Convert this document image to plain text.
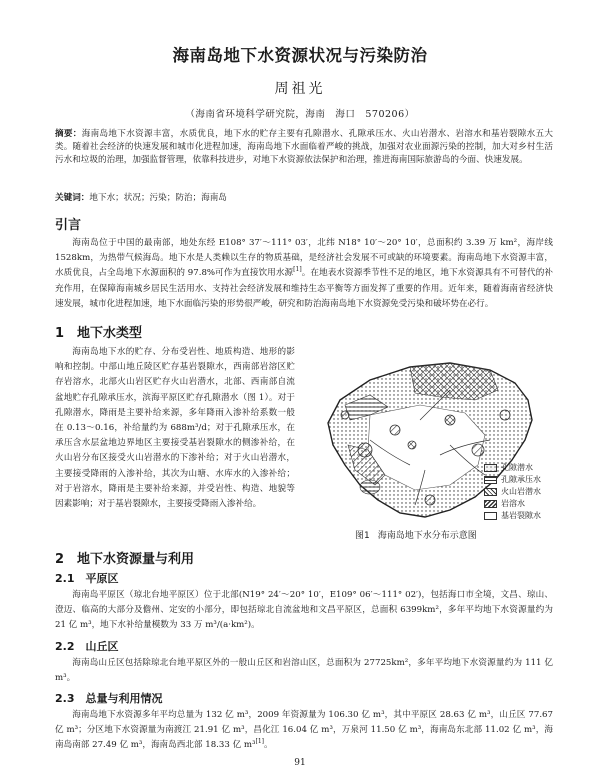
海南岛地下水资源状况与污染防治
周祖光
（海南省环境科学研究院，海南　海口　570206）
摘要：海南岛地下水资源丰富，水质优良，地下水的贮存主要有孔隙潜水、孔隙承压水、火山岩潜水、岩溶水和基岩裂隙水五大类。随着社会经济的快速发展和城市化进程加速，海南岛地下水面临着严峻的挑战，加强对农业面源污染的控制，加大对乡村生活污水和垃圾的治理，加强监督管理，依靠科技进步，对地下水资源依法保护和治理，推进海南国际旅游岛的今面、快速发展。
关键词：地下水；状况；污染；防治；海南岛
引言

海南岛位于中国的最南部，地处东经 E108° 37′～111° 03′，北纬 N18° 10′～20° 10′，总面积约 3.39 万 km²，海岸线 1528km，为热带气候海岛。地下水是人类赖以生存的物质基础，是经济社会发展不可或缺的环境要素。海南岛地下水资源丰富，水质优良，占全岛地下水源面积的 97.8%可作为直接饮用水源[1]。在地表水资源季节性不足的地区，地下水资源具有不可替代的补充作用，在保障海南城乡居民生活用水、支持社会经济发展和维持生态平衡等方面发挥了重要的作用。近年来，随着海南省经济快速发展，城市化进程加速，地下水面临污染的形势很严峻，研究和防治海南岛地下水资源免受污染和破坏势在必行。

1　地下水类型

海南岛地下水的贮存、分布受岩性、地质构造、地形的影响和控制。中部山地丘陵区贮存基岩裂隙水，西南部岩溶区贮存岩溶水，北部火山岩区贮存火山岩潜水，北部、西南部自流盆地贮存孔隙承压水，滨海平原区贮存孔隙潜水（图 1）。对于孔隙潜水，降雨是主要补给来源，多年降雨入渗补给系数一般在 0.13～0.16，补给量约为 688m³/d；对于孔隙承压水，在承压含水层盆地边界地区主要接受基岩裂隙水的侧渗补给，在火山岩分布区接受火山岩潜水的下渗补给；对于火山岩潜水，主要接受降雨的入渗补给，其次为山塘、水库水的入渗补给；对于岩溶水，降雨是主要补给来源，并受岩性、构造、地貌等因素影响；对于基岩裂隙水，主要接受降雨入渗补给。

孔隙潜水
孔隙承压水
火山岩潜水
岩溶水
基岩裂隙水
图1 海南岛地下水分布示意图
2　地下水资源量与利用
2.1　平原区

海南岛平原区（琼北台地平原区）位于北部(N19° 24′～20° 10′，E109° 06′～111° 02′)，包括海口市全境，文昌、琼山、澄迈、临高的大部分及儋州、定安的小部分，即包括琼北自流盆地和文昌平原区，总面积 6399km²，多年平均地下水资源量约为 21 亿 m³，地下水补给量模数为 33 万 m³/(a·km²)。

2.2　山丘区

海南岛山丘区包括除琼北台地平原区外的一般山丘区和岩溶山区，总面积为 27725km²，多年平均地下水资源量约为 111 亿 m³。

2.3　总量与利用情况

海南岛地下水资源多年平均总量为 132 亿 m³，2009 年资源量为 106.30 亿 m³，其中平原区 28.63 亿 m³，山丘区 77.67 亿 m³；分区地下水资源量为南渡江 21.91 亿 m³，昌化江 16.04 亿 m³，万泉河 11.50 亿 m³，海南岛东北部 11.02 亿 m³，海南岛南部 27.49 亿 m³，海南岛西北部 18.33 亿 m³[1]。

91
